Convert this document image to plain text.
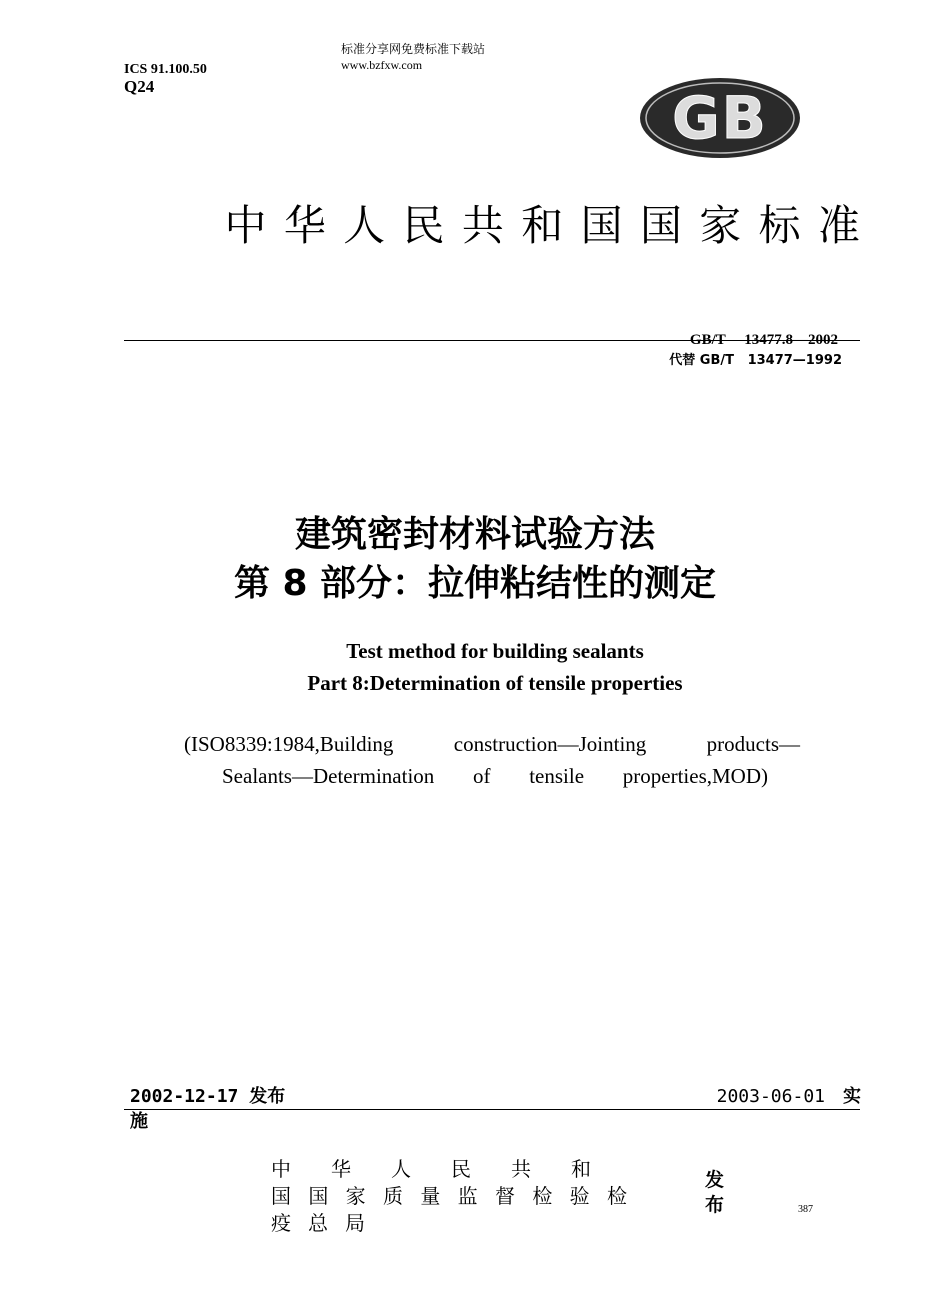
ICS 91.100.50
Q24
标准分享网免费标准下载站
www.bzfxw.com
GB
中 华 人 民 共 和 国 国 家 标 准
GB/T     13477.8—2002
代替 GB/T   13477—1992
建筑密封材料试验方法
第 8 部分：拉伸粘结性的测定
Test method for building sealants
Part 8:Determination of tensile properties
(ISO8339:1984,Building construction—Jointing products—
Sealants—Determination of tensile properties,MOD)
2002-12-17 发布	2003-06-01 实
施
中 华 人 民 共 和
国 国 家 质 量 监 督 检 验 检
疫 总 局
发 布	387
